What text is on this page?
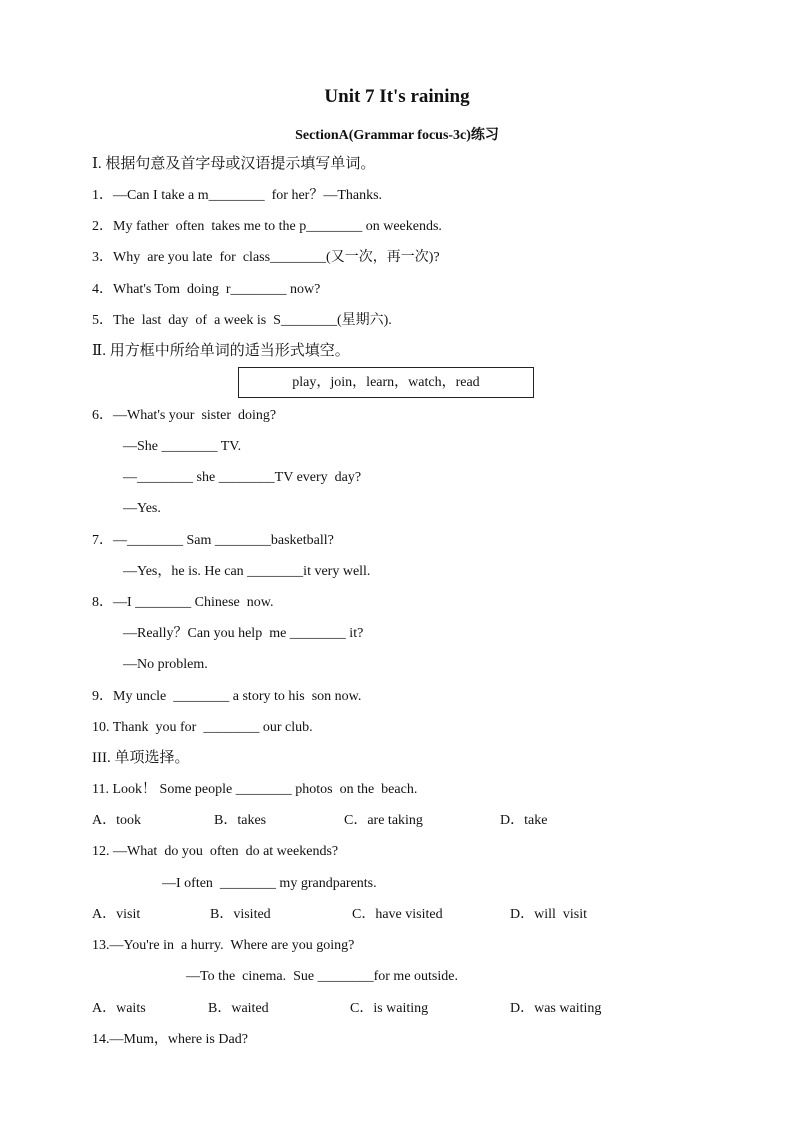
Unit 7 It's raining
SectionA(Grammar focus-3c)练习
Ⅰ. 根据句意及首字母或汉语提示填写单词。
1．—Can I take a m________  for her？—Thanks.
2．My father  often  takes me to the p________ on weekends.
3．Why  are you late  for  class________(又一次，再一次)?
4．What's Tom  doing  r________ now?
5．The  last  day  of  a week is  S________(星期六).
Ⅱ. 用方框中所给单词的适当形式填空。
play，join，learn，watch，read
6．—What's your  sister  doing?
—She ________ TV.
—________ she ________TV every  day?
—Yes.
7．—________ Sam ________basketball?
—Yes，he is. He can ________it very well.
8．—I ________ Chinese  now.
—Really？Can you help  me ________ it?
—No problem.
9．My uncle  ________ a story to his  son now.
10. Thank  you for  ________ our club.
III. 单项选择。
11. Look！ Some people ________ photos  on the  beach.
A．took	B．takes	C．are taking	D．take
12. —What  do you  often  do at weekends?
—I often  ________ my grandparents.
A．visit	B．visited	C．have visited	D．will  visit
13.—You're in  a hurry.  Where are you going?
—To the  cinema.  Sue ________for me outside.
A．waits	B．waited	C．is waiting	D．was waiting
14.—Mum，where is Dad?
